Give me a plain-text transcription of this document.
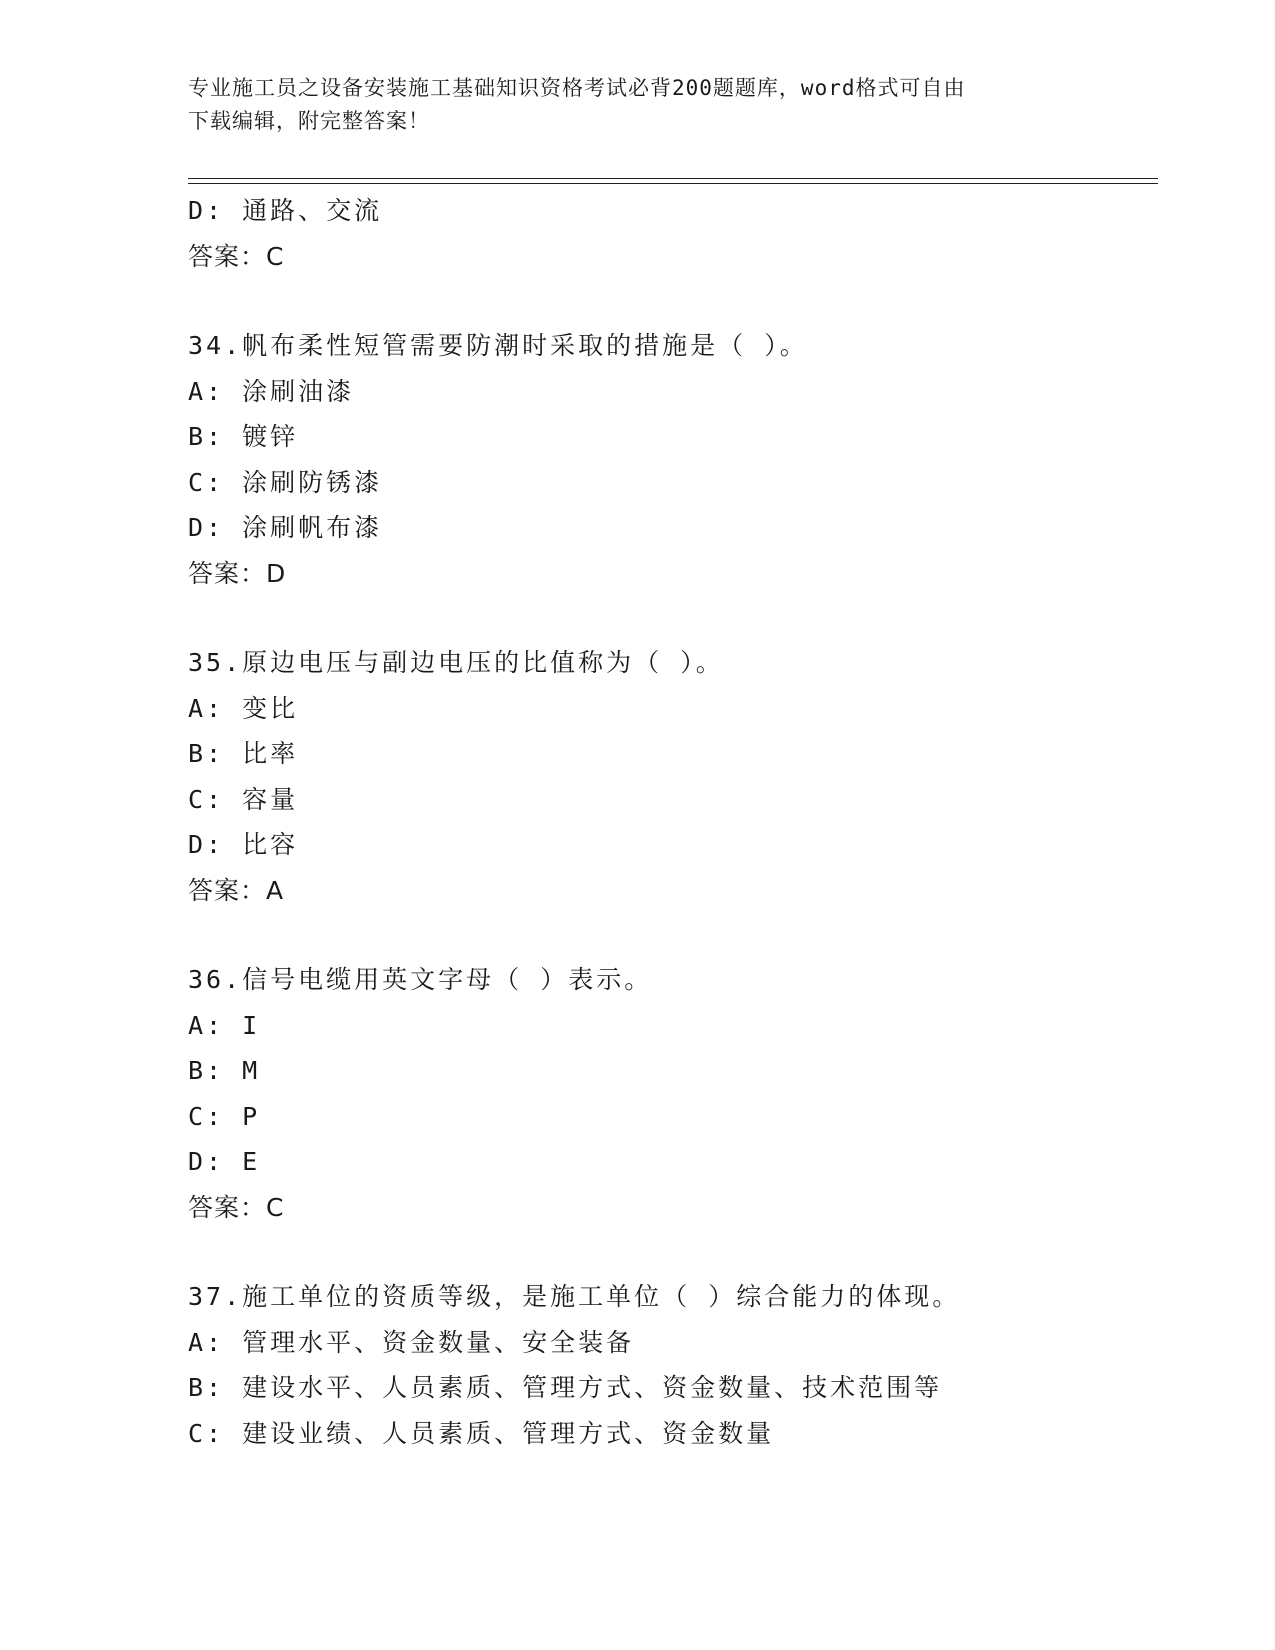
专业施工员之设备安装施工基础知识资格考试必背200题题库，word格式可自由
下载编辑，附完整答案！
D: 通路、交流
答案：C
34.帆布柔性短管需要防潮时采取的措施是（ ）。
A: 涂刷油漆
B: 镀锌
C: 涂刷防锈漆
D: 涂刷帆布漆
答案：D
35.原边电压与副边电压的比值称为（ ）。
A: 变比
B: 比率
C: 容量
D: 比容
答案：A
36.信号电缆用英文字母（ ）表示。
A: I
B: M
C: P
D: E
答案：C
37.施工单位的资质等级，是施工单位（ ）综合能力的体现。
A: 管理水平、资金数量、安全装备
B: 建设水平、人员素质、管理方式、资金数量、技术范围等
C: 建设业绩、人员素质、管理方式、资金数量
